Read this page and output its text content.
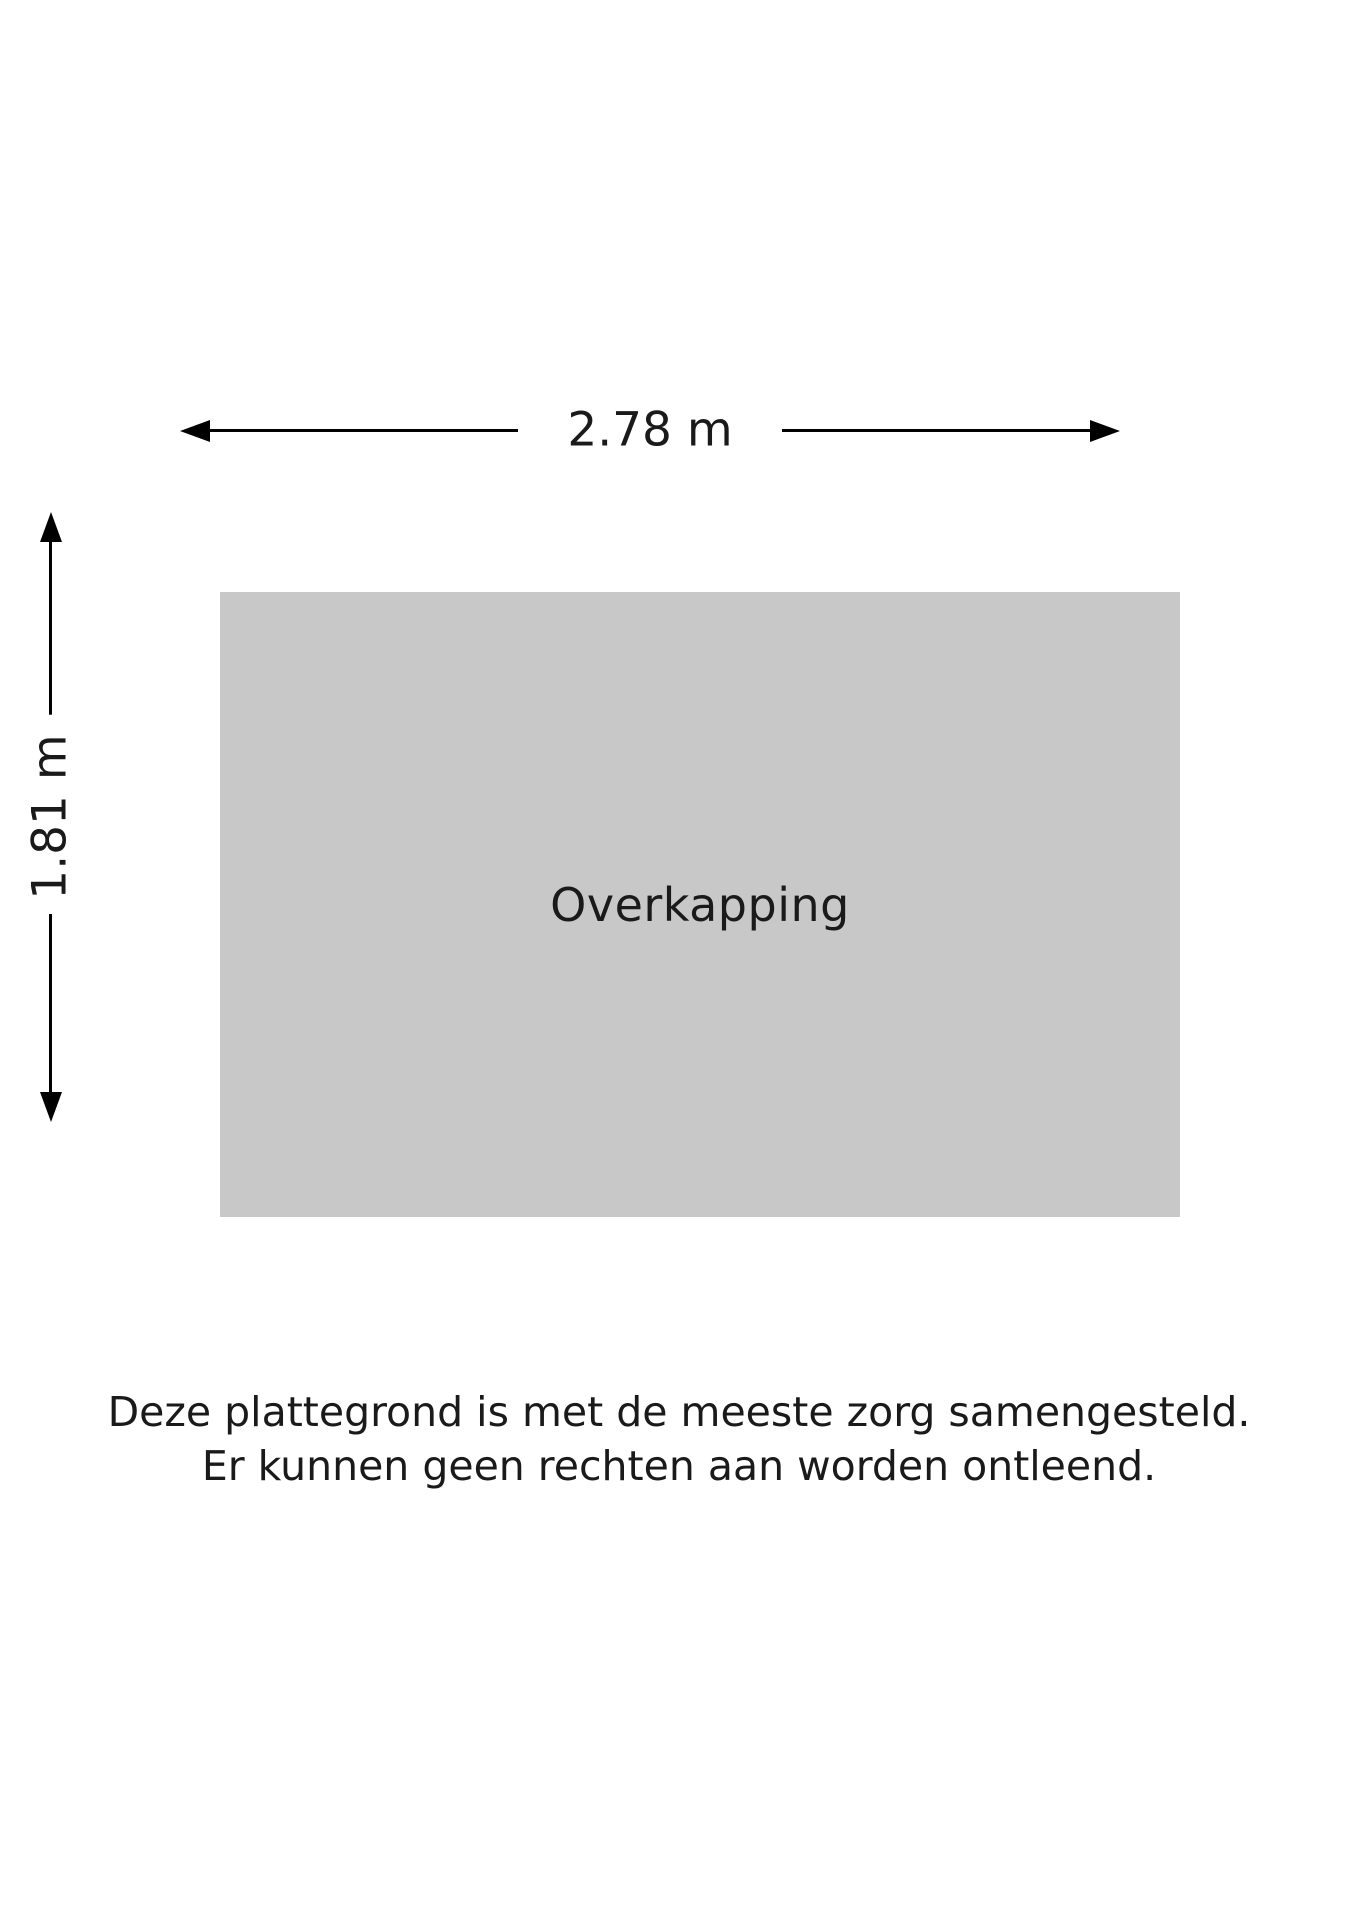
2.78 m
1.81 m
Overkapping
Deze plattegrond is met de meeste zorg samengesteld.
Er kunnen geen rechten aan worden ontleend.
